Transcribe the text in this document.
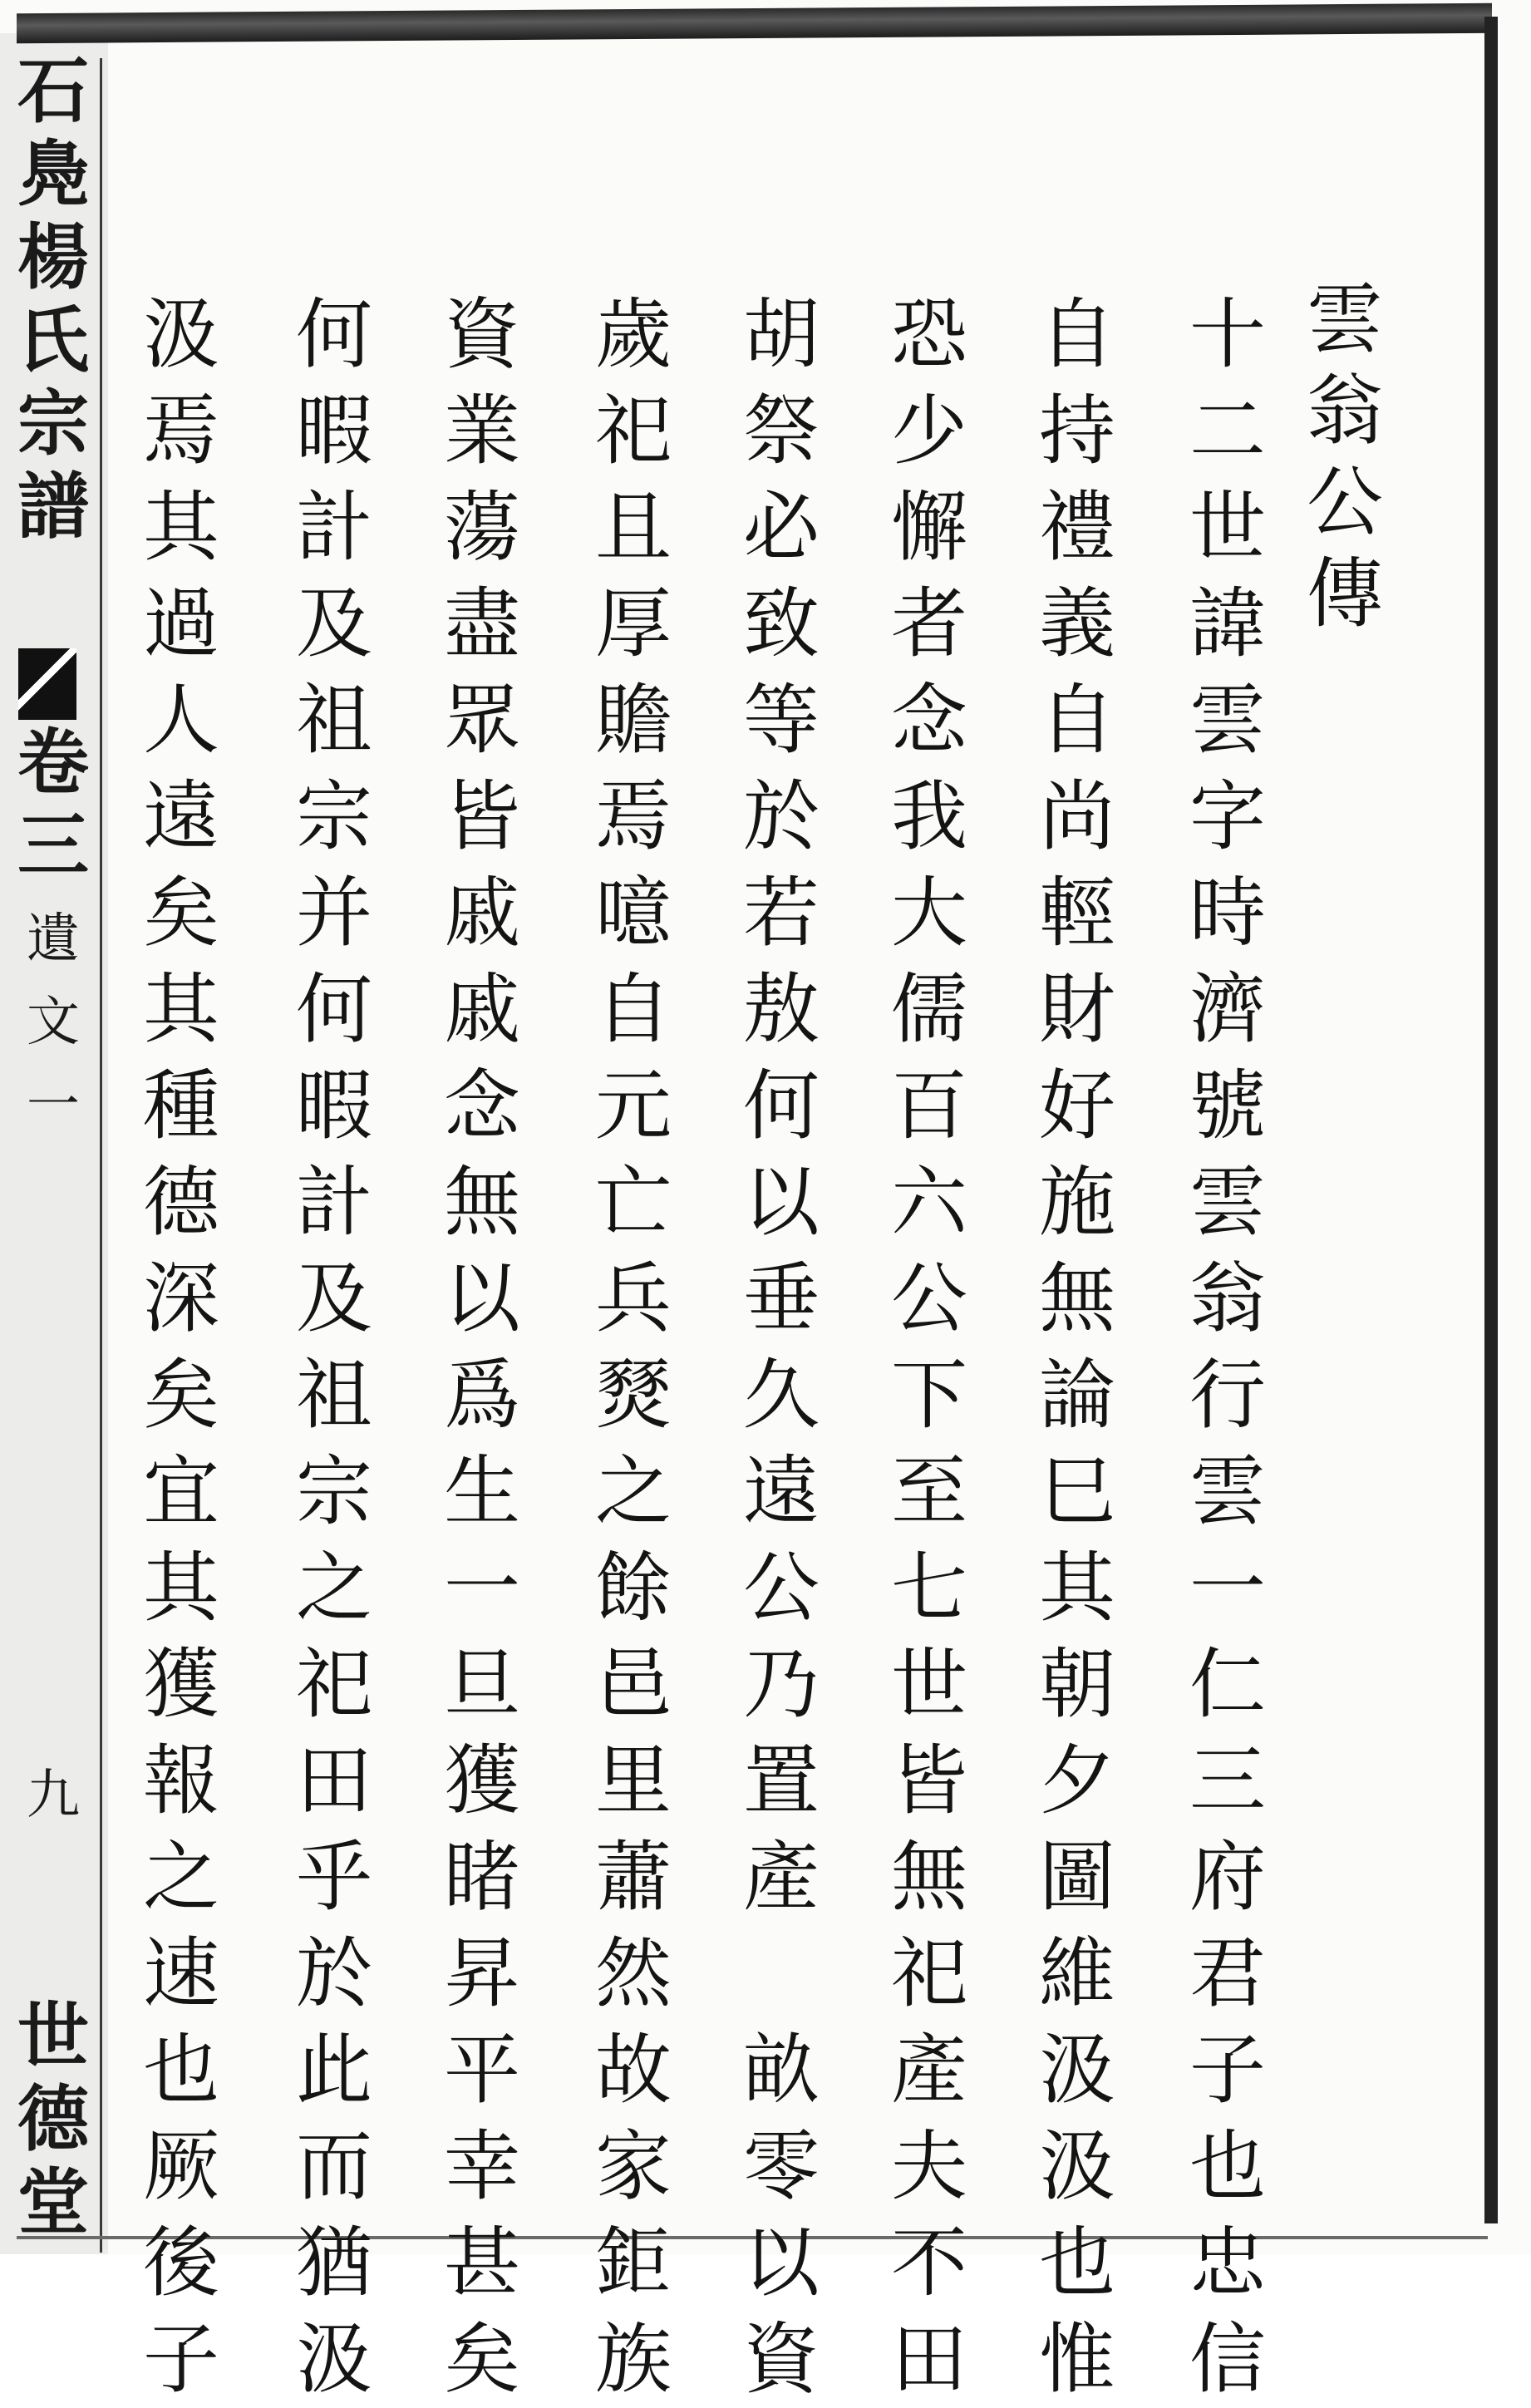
石
鳧
楊
氏
宗
譜
卷
三
遺
文
一
九
世
德
堂
雲
翁
公
傳
十
二
世
諱
雲
字
時
濟
號
雲
翁
行
雲
一
仁
三
府
君
子
也
忠
信
自
持
禮
義
自
尚
輕
財
好
施
無
論
巳
其
朝
夕
圖
維
汲
汲
也
惟
恐
少
懈
者
念
我
大
儒
百
六
公
下
至
七
世
皆
無
祀
產
夫
不
田
胡
祭
必
致
等
於
若
敖
何
以
垂
久
遠
公
乃
置
產

畝
零
以
資
歲
祀
且
厚
贍
焉
噫
自
元
亡
兵
燹
之
餘
邑
里
蕭
然
故
家
鉅
族
資
業
蕩
盡
眾
皆
戚
戚
念
無
以
爲
生
一
旦
獲
睹
昇
平
幸
甚
矣
何
暇
計
及
祖
宗
并
何
暇
計
及
祖
宗
之
祀
田
乎
於
此
而
猶
汲
汲
焉
其
過
人
遠
矣
其
種
德
深
矣
宜
其
獲
報
之
速
也
厥
後
子
